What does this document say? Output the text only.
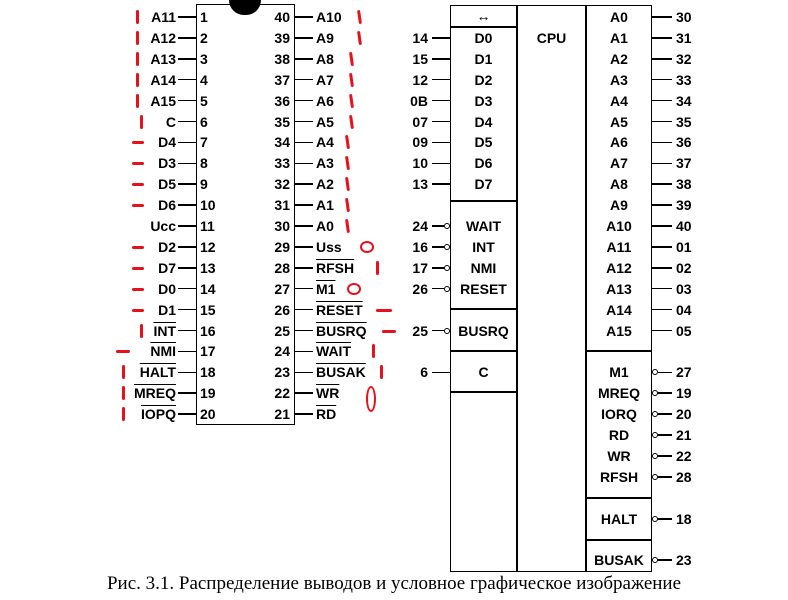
A11 1
A12 2
A13 3
A14 4
A15 5
C 6
D4 7
D3 8
D5 9
D6 10
Ucc 11
D2 12
D7 13
D0 14
D1 15
$\overline{INT}$ 16
$\overline{NMI}$ 17
HALT 18
MREQ 19
IOPQ 20
40 A10
39 A9
38 A8
37 A7
36 A6
35 A5
34 A4
33 A3
32 A2
31 A1
30 A0
29 Uss
28 RFSH
27 M1
26 RESET
25 BUSRQ
24 WAIT
23 BUSAK
22 $\overline{WR}$
21 $\overline{RD}$
↔
CPU
14	D0
15	D1
12	D2
0B	D3
07	D4
09	D5
10	D6
13	D7
24	WAIT
16	INT
17	NMI
26	RESET
25	BUSRQ
6	C
A0	30
A1	31
A2	32
A3	33
A4	34
A5	35
A6	36
A7	37
A8	38
A9	39
A10	40
A11	01
A12	02
A13	03
A14	04
A15	05
M1	27
MREQ	19
IORQ	20
RD	21
WR	22
RFSH	28
HALT	18
BUSAK	23
Рис. 3.1. Распределение выводов и условное графическое изображение
